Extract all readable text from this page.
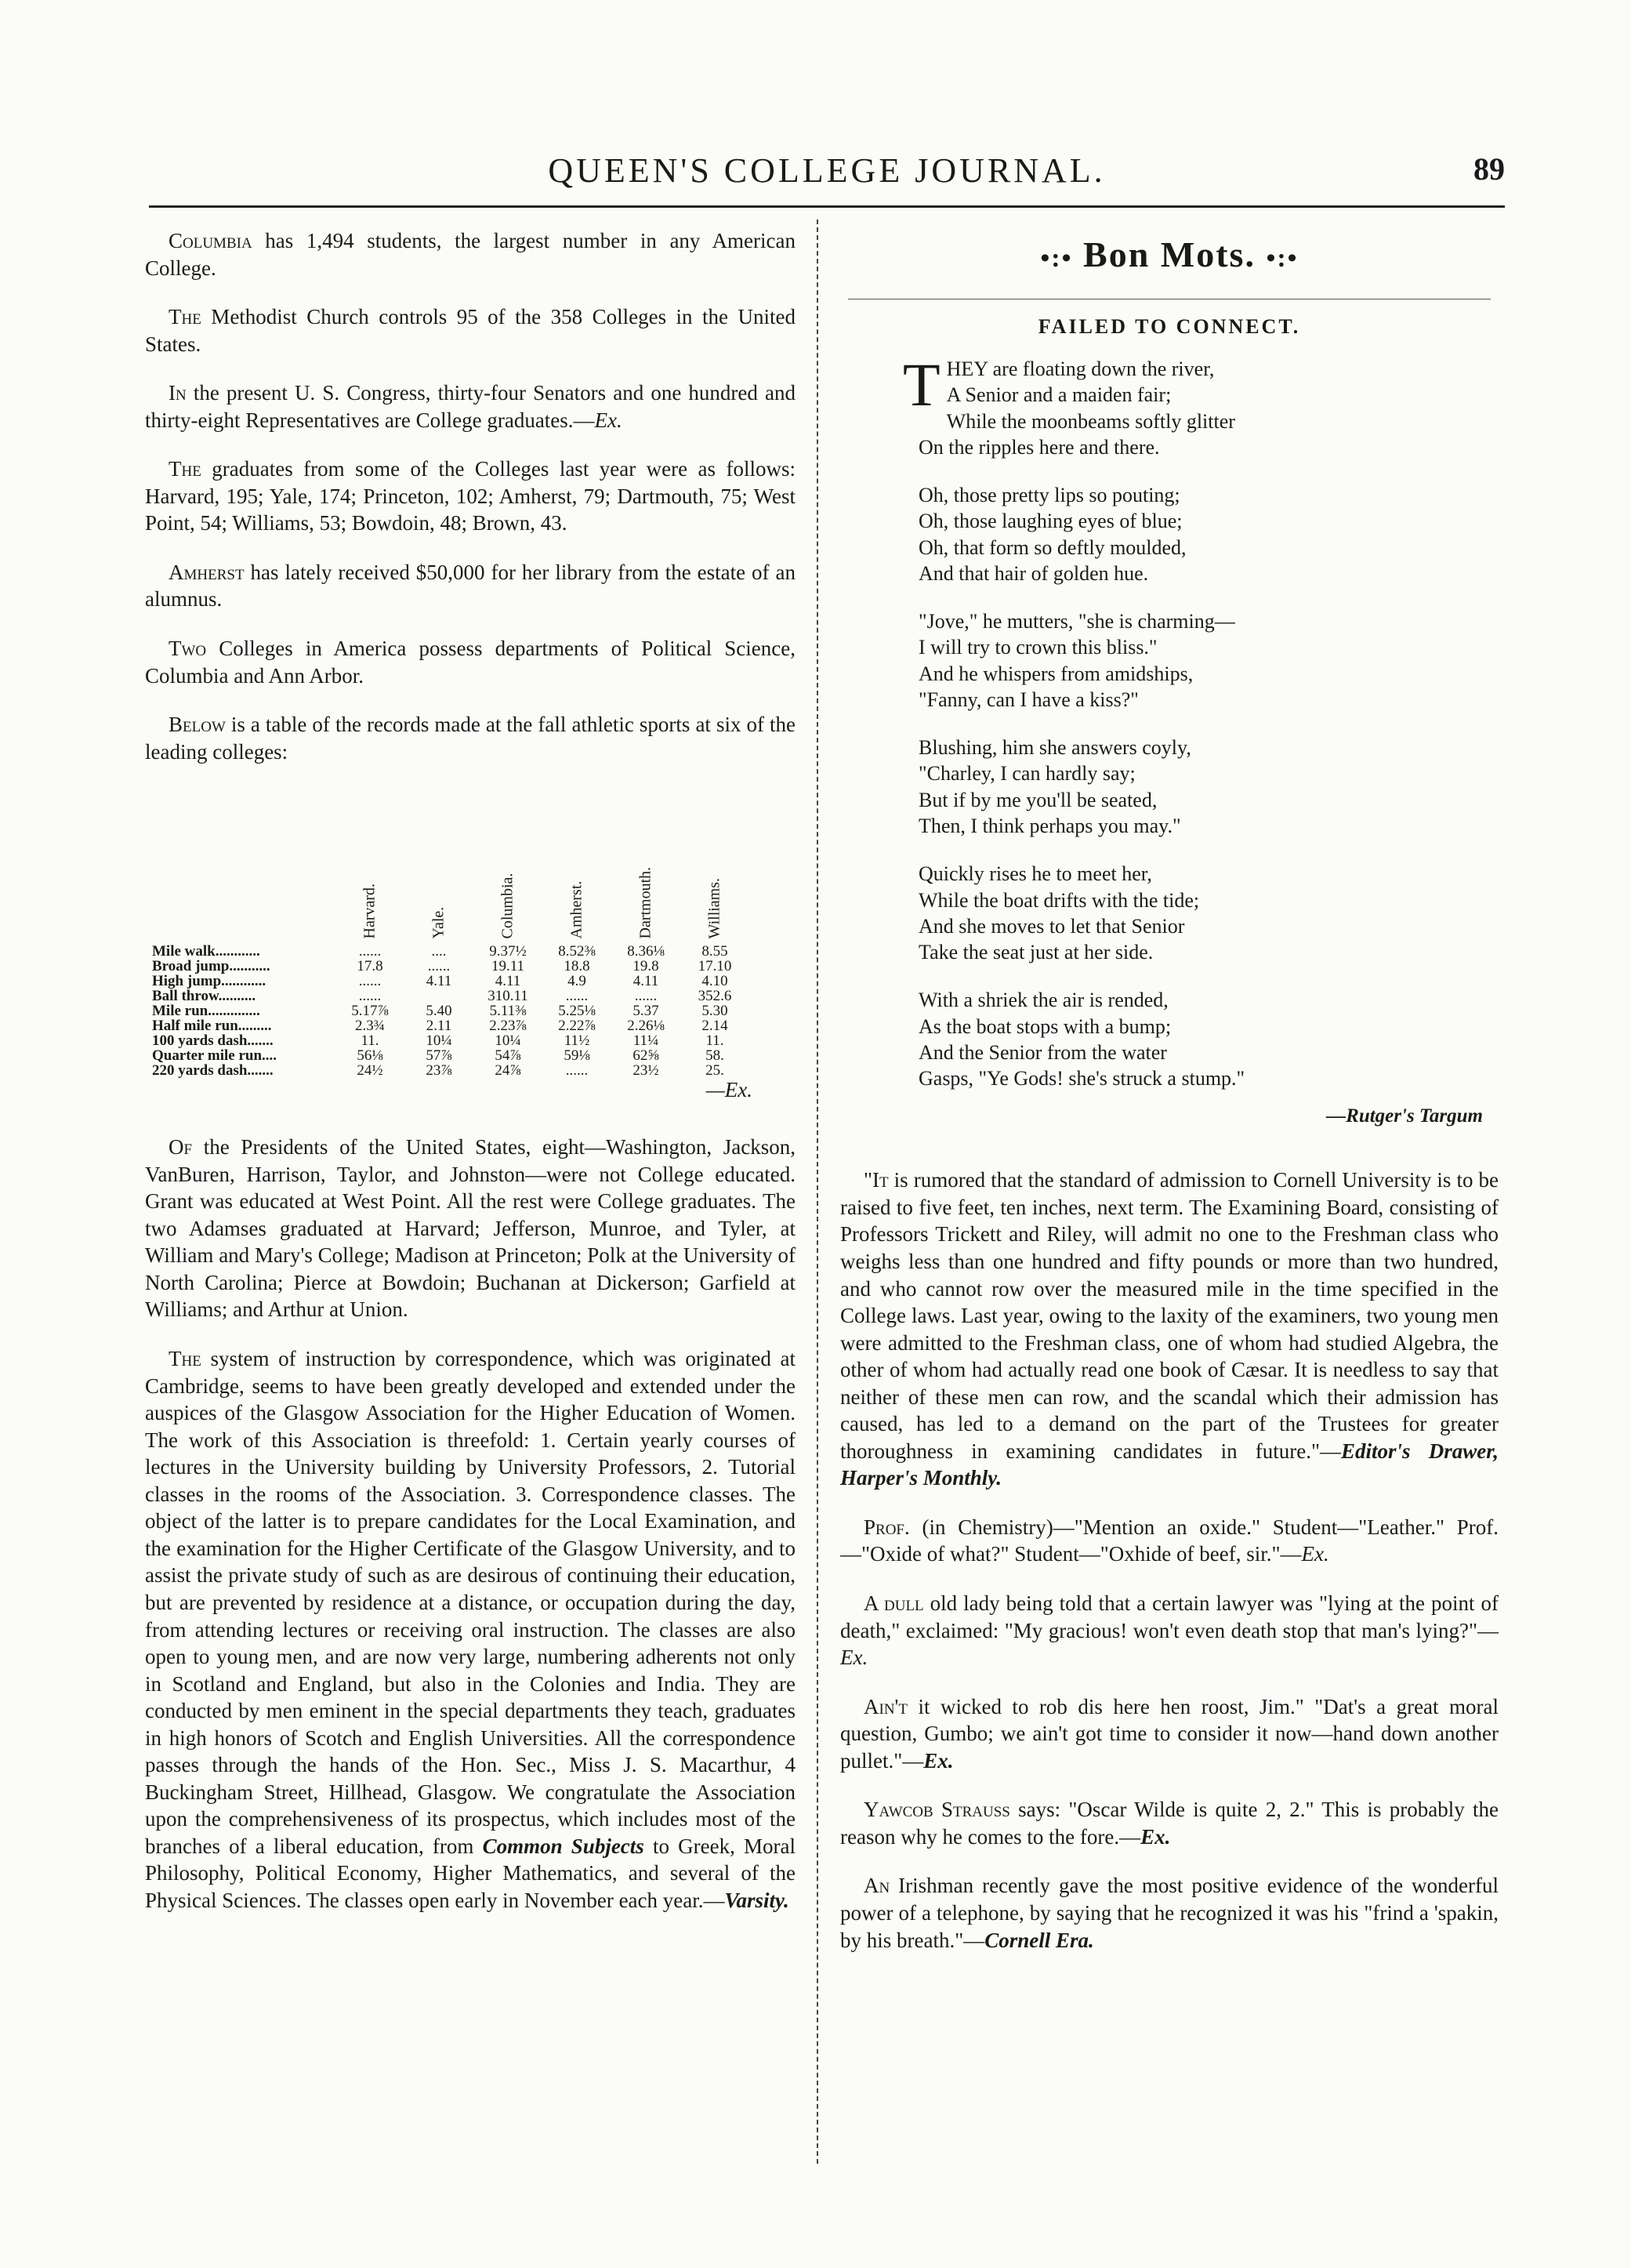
QUEEN'S COLLEGE JOURNAL.	89

Columbia has 1,494 students, the largest number in any American College.

The Methodist Church controls 95 of the 358 Colleges in the United States.

In the present U. S. Congress, thirty-four Senators and one hundred and thirty-eight Representatives are College graduates.—Ex.

The graduates from some of the Colleges last year were as follows: Harvard, 195; Yale, 174; Princeton, 102; Amherst, 79; Dartmouth, 75; West Point, 54; Williams, 53; Bowdoin, 48; Brown, 43.

Amherst has lately received $50,000 for her library from the estate of an alumnus.

Two Colleges in America possess departments of Political Science, Columbia and Ann Arbor.

Below is a table of the records made at the fall athletic sports at six of the leading colleges:

	Harvard.	Yale.	Columbia.	Amherst.	Dartmouth.	Williams.
Mile walk............	......	....	9.37½	8.52⅜	8.36⅛	8.55
Broad jump...........	17.8	......	19.11	18.8	19.8	17.10
High jump............	......	4.11	4.11	4.9	4.11	4.10
Ball throw..........	......		310.11	......	......	352.6
Mile run..............	5.17⅞	5.40	5.11⅜	5.25⅛	5.37	5.30
Half mile run.........	2.3¾	2.11	2.23⅞	2.22⅞	2.26⅛	2.14
100 yards dash.......	11.	10¼	10¼	11½	11¼	11.
Quarter mile run....	56⅛	57⅞	54⅞	59⅛	62⅝	58.
220 yards dash.......	24½	23⅞	24⅞	......	23½	25.
—Ex.

Of the Presidents of the United States, eight—Washington, Jackson, VanBuren, Harrison, Taylor, and Johnston—were not College educated. Grant was educated at West Point. All the rest were College graduates. The two Adamses graduated at Harvard; Jefferson, Munroe, and Tyler, at William and Mary's College; Madison at Princeton; Polk at the University of North Carolina; Pierce at Bowdoin; Buchanan at Dickerson; Garfield at Williams; and Arthur at Union.

The system of instruction by correspondence, which was originated at Cambridge, seems to have been greatly developed and extended under the auspices of the Glasgow Association for the Higher Education of Women. The work of this Association is threefold: 1. Certain yearly courses of lectures in the University building by University Professors, 2. Tutorial classes in the rooms of the Association. 3. Correspondence classes. The object of the latter is to prepare candidates for the Local Examination, and the examination for the Higher Certificate of the Glasgow University, and to assist the private study of such as are desirous of continuing their education, but are prevented by residence at a distance, or occupation during the day, from attending lectures or receiving oral instruction. The classes are also open to young men, and are now very large, numbering adherents not only in Scotland and England, but also in the Colonies and India. They are conducted by men eminent in the special departments they teach, graduates in high honors of Scotch and English Universities. All the correspondence passes through the hands of the Hon. Sec., Miss J. S. Macarthur, 4 Buckingham Street, Hillhead, Glasgow. We congratulate the Association upon the comprehensiveness of its prospectus, which includes most of the branches of a liberal education, from Common Subjects to Greek, Moral Philosophy, Political Economy, Higher Mathematics, and several of the Physical Sciences. The classes open early in November each year.—Varsity.

•:• Bon Mots. •:•
FAILED TO CONNECT.
T HEY are floating down the river,
A Senior and a maiden fair;
While the moonbeams softly glitter
On the ripples here and there.
Oh, those pretty lips so pouting;
Oh, those laughing eyes of blue;
Oh, that form so deftly moulded,
And that hair of golden hue.
"Jove," he mutters, "she is charming—
I will try to crown this bliss."
And he whispers from amidships,
"Fanny, can I have a kiss?"
Blushing, him she answers coyly,
"Charley, I can hardly say;
But if by me you'll be seated,
Then, I think perhaps you may."
Quickly rises he to meet her,
While the boat drifts with the tide;
And she moves to let that Senior
Take the seat just at her side.
With a shriek the air is rended,
As the boat stops with a bump;
And the Senior from the water
Gasps, "Ye Gods! she's struck a stump."
—Rutger's Targum

"It is rumored that the standard of admission to Cornell University is to be raised to five feet, ten inches, next term. The Examining Board, consisting of Professors Trickett and Riley, will admit no one to the Freshman class who weighs less than one hundred and fifty pounds or more than two hundred, and who cannot row over the measured mile in the time specified in the College laws. Last year, owing to the laxity of the examiners, two young men were admitted to the Freshman class, one of whom had studied Algebra, the other of whom had actually read one book of Cæsar. It is needless to say that neither of these men can row, and the scandal which their admission has caused, has led to a demand on the part of the Trustees for greater thoroughness in examining candidates in future."—Editor's Drawer, Harper's Monthly.

Prof. (in Chemistry)—"Mention an oxide." Student—"Leather." Prof.—"Oxide of what?" Student—"Oxhide of beef, sir."—Ex.

A dull old lady being told that a certain lawyer was "lying at the point of death," exclaimed: "My gracious! won't even death stop that man's lying?"—Ex.

Ain't it wicked to rob dis here hen roost, Jim." "Dat's a great moral question, Gumbo; we ain't got time to consider it now—hand down another pullet."—Ex.

Yawcob Strauss says: "Oscar Wilde is quite 2, 2." This is probably the reason why he comes to the fore.—Ex.

An Irishman recently gave the most positive evidence of the wonderful power of a telephone, by saying that he recognized it was his "frind a 'spakin, by his breath."—Cornell Era.
